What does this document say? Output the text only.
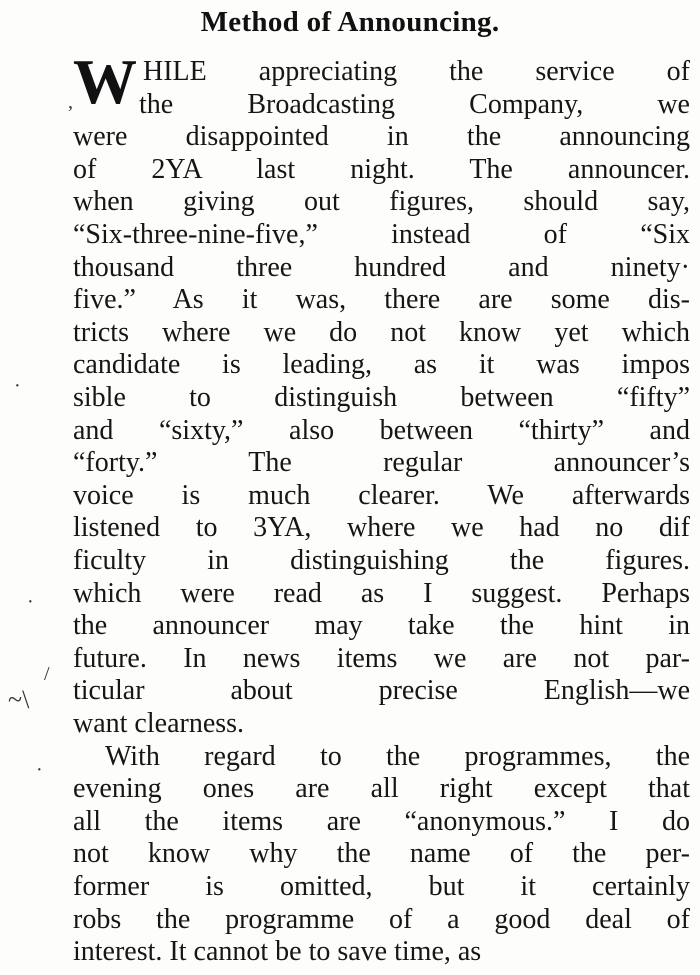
Method of Announcing.
W HILE appreciating the service of
the Broadcasting Company, we
were disappointed in the announcing
of 2YA last night. The announcer.
when giving out figures, should say,
“Six-three-nine-five,” instead of “Six
thousand three hundred and ninety·
five.” As it was, there are some dis-
tricts where we do not know yet which
candidate is leading, as it was impos
sible to distinguish between “fifty”
and “sixty,” also between “thirty” and
“forty.” The regular announcer’s
voice is much clearer. We afterwards
listened to 3YA, where we had no dif
ficulty in distinguishing the figures.
which were read as I suggest. Perhaps
the announcer may take the hint in
future. In news items we are not par-
ticular about precise English—we
want clearness.
With regard to the programmes, the
evening ones are all right except that
all the items are “anonymous.” I do
not know why the name of the per-
former is omitted, but it certainly
robs the programme of a good deal of
interest. It cannot be to save time, as
,
·
·
/
~\
·
